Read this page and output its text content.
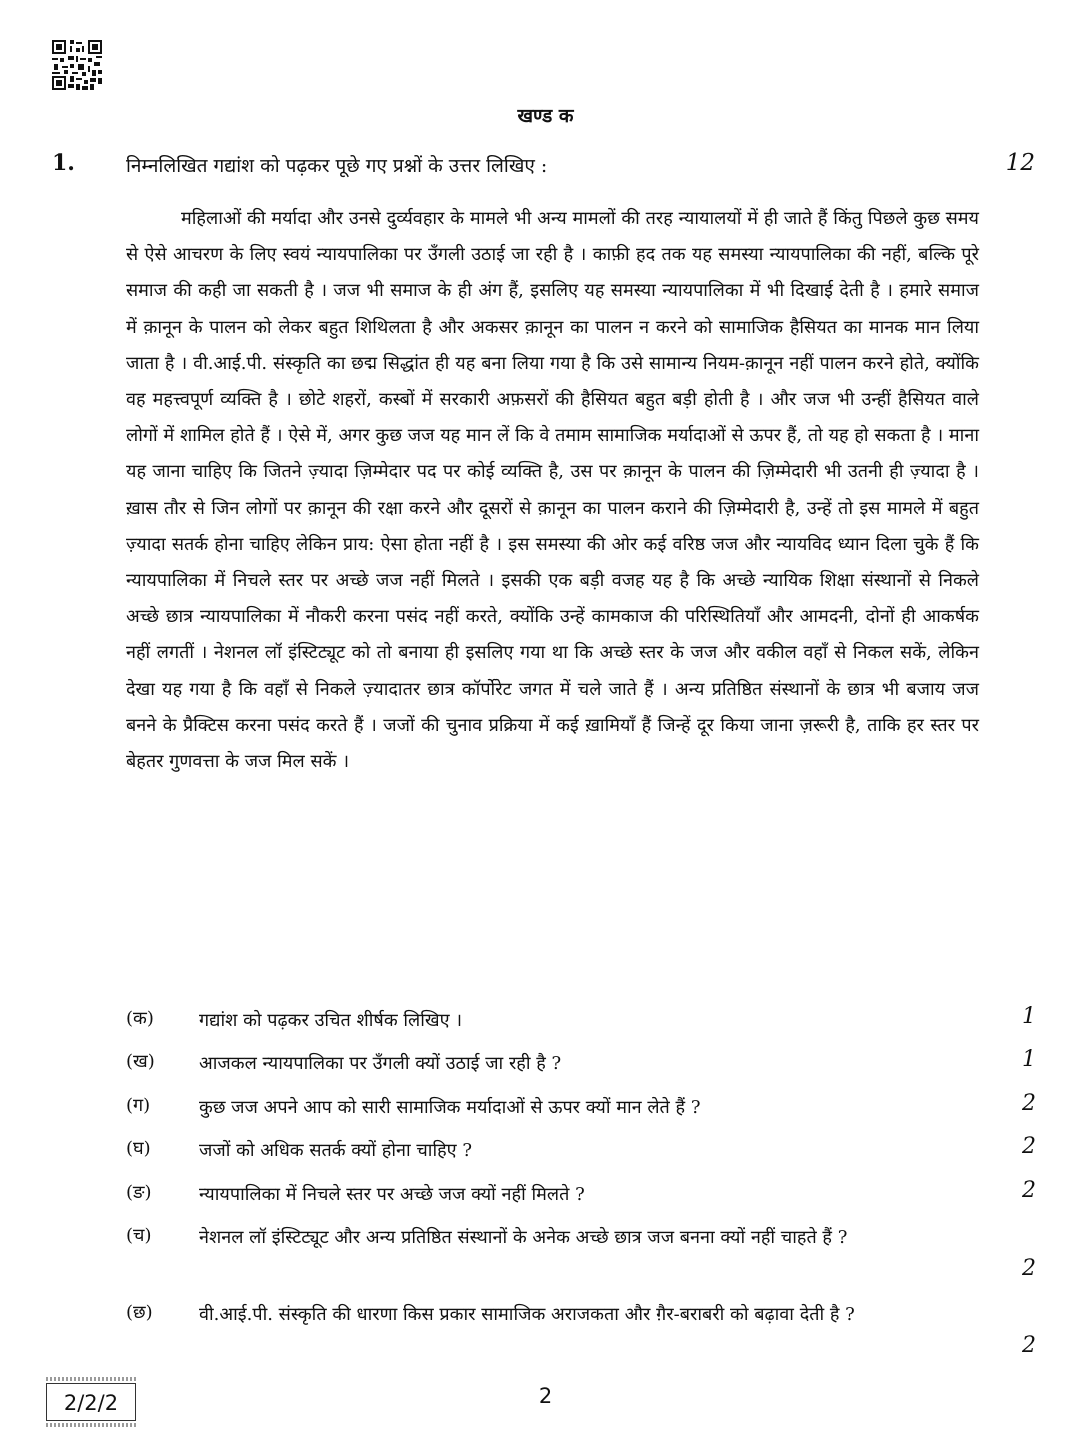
खण्ड क
1.	निम्नलिखित गद्यांश को पढ़कर पूछे गए प्रश्नों के उत्तर लिखिए :	12

महिलाओं की मर्यादा और उनसे दुर्व्यवहार के मामले भी अन्य मामलों की तरह न्यायालयों में ही जाते हैं किंतु पिछले कुछ समय से ऐसे आचरण के लिए स्वयं न्यायपालिका पर उँगली उठाई जा रही है । काफ़ी हद तक यह समस्या न्यायपालिका की नहीं, बल्कि पूरे समाज की कही जा सकती है । जज भी समाज के ही अंग हैं, इसलिए यह समस्या न्यायपालिका में भी दिखाई देती है । हमारे समाज में क़ानून के पालन को लेकर बहुत शिथिलता है और अकसर क़ानून का पालन न करने को सामाजिक हैसियत का मानक मान लिया जाता है । वी.आई.पी. संस्कृति का छद्म सिद्धांत ही यह बना लिया गया है कि उसे सामान्य नियम-क़ानून नहीं पालन करने होते, क्योंकि वह महत्त्वपूर्ण व्यक्ति है । छोटे शहरों, कस्बों में सरकारी अफ़सरों की हैसियत बहुत बड़ी होती है । और जज भी उन्हीं हैसियत वाले लोगों में शामिल होते हैं । ऐसे में, अगर कुछ जज यह मान लें कि वे तमाम सामाजिक मर्यादाओं से ऊपर हैं, तो यह हो सकता है । माना यह जाना चाहिए कि जितने ज़्यादा ज़िम्मेदार पद पर कोई व्यक्ति है, उस पर क़ानून के पालन की ज़िम्मेदारी भी उतनी ही ज़्यादा है । ख़ास तौर से जिन लोगों पर क़ानून की रक्षा करने और दूसरों से क़ानून का पालन कराने की ज़िम्मेदारी है, उन्हें तो इस मामले में बहुत ज़्यादा सतर्क होना चाहिए लेकिन प्राय: ऐसा होता नहीं है । इस समस्या की ओर कई वरिष्ठ जज और न्यायविद ध्यान दिला चुके हैं कि न्यायपालिका में निचले स्तर पर अच्छे जज नहीं मिलते । इसकी एक बड़ी वजह यह है कि अच्छे न्यायिक शिक्षा संस्थानों से निकले अच्छे छात्र न्यायपालिका में नौकरी करना पसंद नहीं करते, क्योंकि उन्हें कामकाज की परिस्थितियाँ और आमदनी, दोनों ही आकर्षक नहीं लगतीं । नेशनल लॉ इंस्टिट्यूट को तो बनाया ही इसलिए गया था कि अच्छे स्तर के जज और वकील वहाँ से निकल सकें, लेकिन देखा यह गया है कि वहाँ से निकले ज़्यादातर छात्र कॉर्पोरेट जगत में चले जाते हैं । अन्य प्रतिष्ठित संस्थानों के छात्र भी बजाय जज बनने के प्रैक्टिस करना पसंद करते हैं । जजों की चुनाव प्रक्रिया में कई ख़ामियाँ हैं जिन्हें दूर किया जाना ज़रूरी है, ताकि हर स्तर पर बेहतर गुणवत्ता के जज मिल सकें ।

(क)	गद्यांश को पढ़कर उचित शीर्षक लिखिए ।	1
(ख) आजकल न्यायपालिका पर उँगली क्यों उठाई जा रही है ?	1
(ग)	कुछ जज अपने आप को सारी सामाजिक मर्यादाओं से ऊपर क्यों मान लेते हैं ?	2
(घ)	जजों को अधिक सतर्क क्यों होना चाहिए ?	2
(ङ)	न्यायपालिका में निचले स्तर पर अच्छे जज क्यों नहीं मिलते ?	2
(च)	नेशनल लॉ इंस्टिट्यूट और अन्य प्रतिष्ठित संस्थानों के अनेक अच्छे छात्र जज बनना क्यों नहीं चाहते हैं ?
2
(छ)	वी.आई.पी. संस्कृति की धारणा किस प्रकार सामाजिक अराजकता और ग़ैर-बराबरी को बढ़ावा देती है ?
2
2/2/2	2
